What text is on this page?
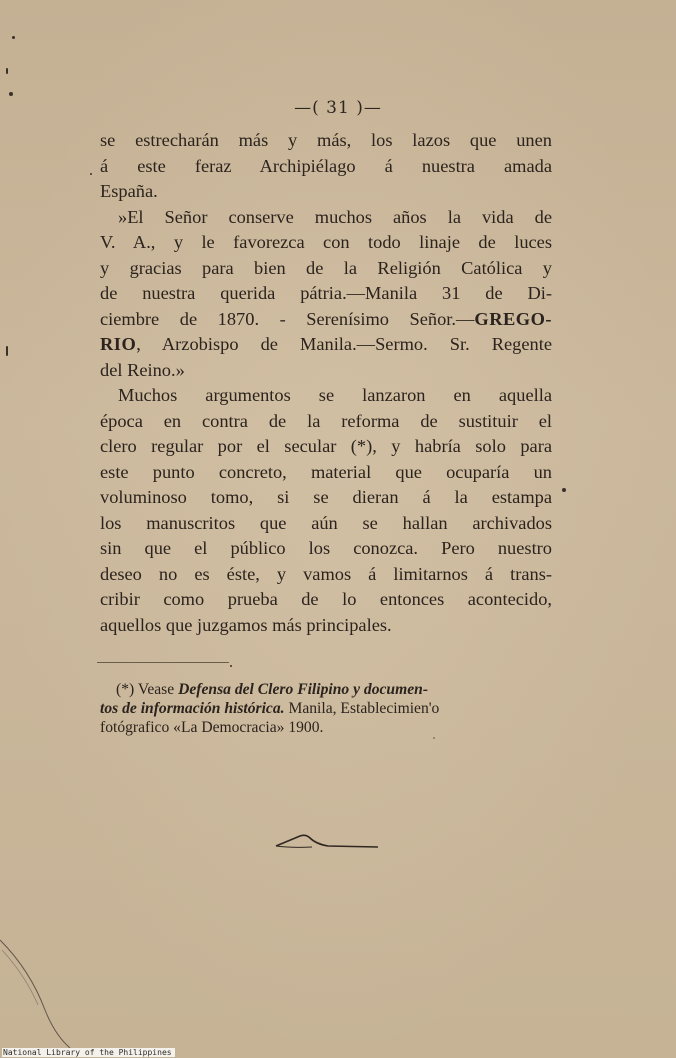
—( 31 )—
se estrecharán más y más, los lazos que unen
á este feraz Archipiélago á nuestra amada
España.
»El Señor conserve muchos años la vida de
V. A., y le favorezca con todo linaje de luces
y gracias para bien de la Religión Católica y
de nuestra querida pátria.—Manila 31 de Di-
ciembre de 1870. - Serenísimo Señor.—GREGO-
RIO, Arzobispo de Manila.—Sermo. Sr. Regente
del Reino.»
Muchos argumentos se lanzaron en aquella
época en contra de la reforma de sustituir el
clero regular por el secular (*), y habría solo para
este punto concreto, material que ocuparía un
voluminoso tomo, si se dieran á la estampa
los manuscritos que aún se hallan archivados
sin que el público los conozca. Pero nuestro
deseo no es éste, y vamos á limitarnos á trans-
cribir como prueba de lo entonces acontecido,
aquellos que juzgamos más principales.
(*) Vease Defensa del Clero Filipino y documen-
tos de información histórica. Manila, Establecimien'o
fotógrafico «La Democracia» 1900.
National Library of the Philippines
